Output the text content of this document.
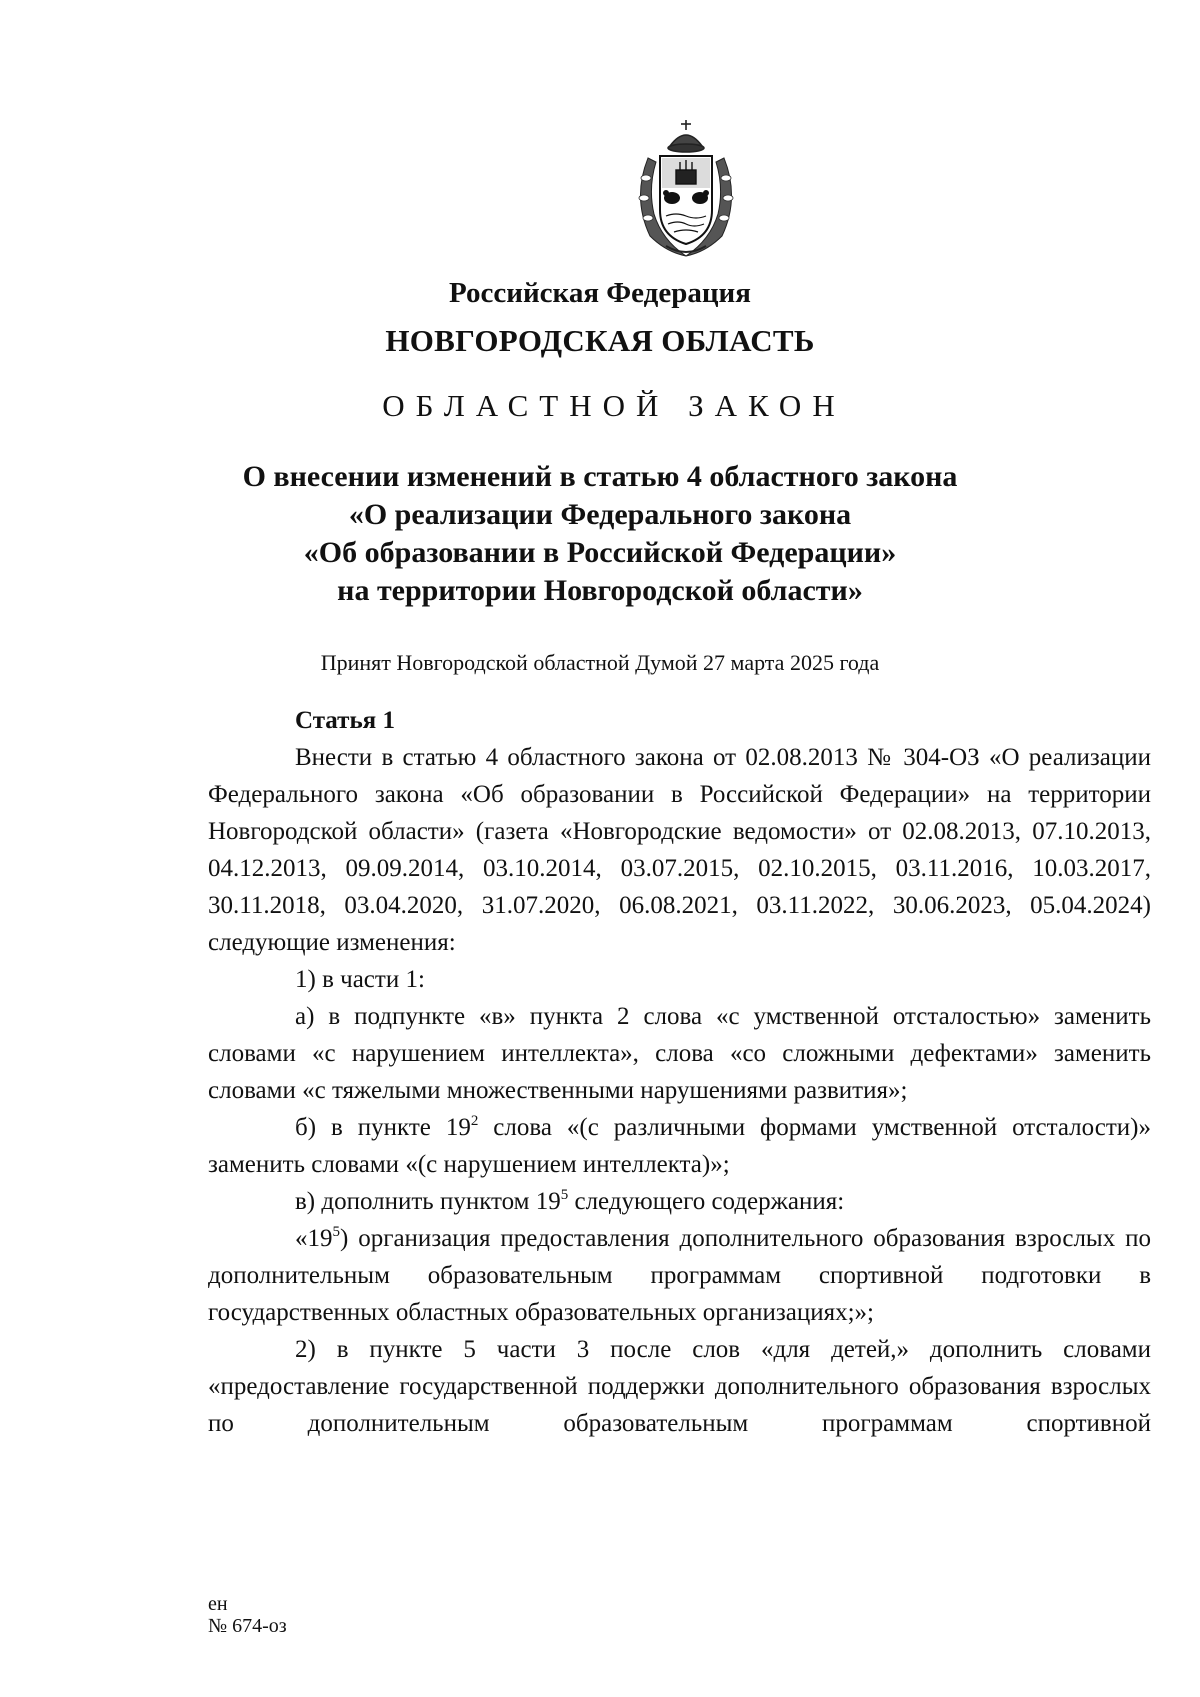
Российская Федерация
НОВГОРОДСКАЯ ОБЛАСТЬ
ОБЛАСТНОЙ ЗАКОН
О внесении изменений в статью 4 областного закона
«О реализации Федерального закона
«Об образовании в Российской Федерации»
на территории Новгородской области»
Принят Новгородской областной Думой 27 марта 2025 года
Статья 1

Внести в статью 4 областного закона от 02.08.2013 № 304-ОЗ «О реализации Федерального закона «Об образовании в Российской Федерации» на территории Новгородской области» (газета «Новгородские ведомости» от 02.08.2013, 07.10.2013, 04.12.2013, 09.09.2014, 03.10.2014, 03.07.2015, 02.10.2015, 03.11.2016, 10.03.2017, 30.11.2018, 03.04.2020, 31.07.2020, 06.08.2021, 03.11.2022, 30.06.2023, 05.04.2024) следующие изменения:

1) в части 1:

а) в подпункте «в» пункта 2 слова «с умственной отсталостью» заменить словами «с нарушением интеллекта», слова «со сложными дефектами» заменить словами «с тяжелыми множественными нарушениями развития»;

б) в пункте $19^2$ слова «(с различными формами умственной отсталости)» заменить словами «(с нарушением интеллекта)»;

в) дополнить пунктом $19^5$ следующего содержания:

«$19^5$) организация предоставления дополнительного образования взрослых по дополнительным образовательным программам спортивной подготовки в государственных областных образовательных организациях;»;

2) в пункте 5 части 3 после слов «для детей,» дополнить словами «предоставление государственной поддержки дополнительного образования взрослых по дополнительным образовательным программам спортивной

ен
№ 674-оз
